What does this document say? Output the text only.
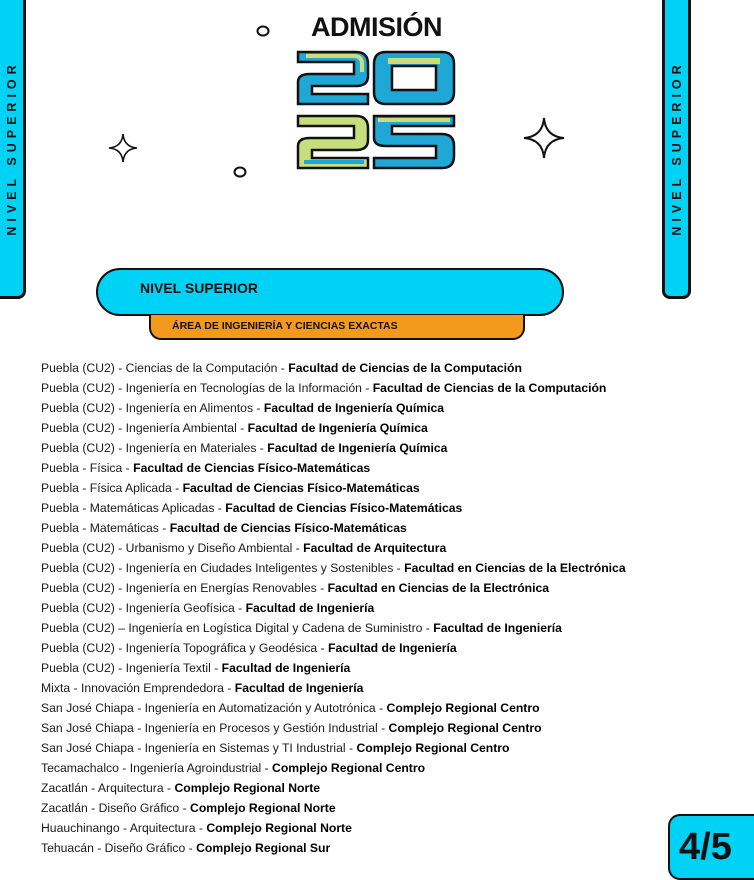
NIVEL SUPERIOR	NIVEL SUPERIOR
ADMISIÓN
NIVEL SUPERIOR
ÁREA DE INGENIERÍA Y CIENCIAS EXACTAS
Puebla (CU2) - Ciencias de la Computación - Facultad de Ciencias de la Computación
Puebla (CU2) - Ingeniería en Tecnologías de la Información - Facultad de Ciencias de la Computación
Puebla (CU2) - Ingeniería en Alimentos - Facultad de Ingeniería Química
Puebla (CU2) - Ingeniería Ambiental - Facultad de Ingeniería Química
Puebla (CU2) - Ingeniería en Materiales - Facultad de Ingeniería Química
Puebla - Física - Facultad de Ciencias Físico-Matemáticas
Puebla - Física Aplicada - Facultad de Ciencias Físico-Matemáticas
Puebla - Matemáticas Aplicadas - Facultad de Ciencias Físico-Matemáticas
Puebla - Matemáticas - Facultad de Ciencias Físico-Matemáticas
Puebla (CU2) - Urbanismo y Diseño Ambiental - Facultad de Arquitectura
Puebla (CU2) - Ingeniería en Ciudades Inteligentes y Sostenibles - Facultad en Ciencias de la Electrónica
Puebla (CU2) - Ingeniería en Energías Renovables - Facultad en Ciencias de la Electrónica
Puebla (CU2) - Ingeniería Geofísica - Facultad de Ingeniería
Puebla (CU2) – Ingeniería en Logística Digital y Cadena de Suministro - Facultad de Ingeniería
Puebla (CU2) - Ingeniería Topográfica y Geodésica - Facultad de Ingeniería
Puebla (CU2) - Ingeniería Textil - Facultad de Ingeniería
Mixta - Innovación Emprendedora - Facultad de Ingeniería
San José Chiapa - Ingeniería en Automatización y Autotrónica - Complejo Regional Centro
San José Chiapa - Ingeniería en Procesos y Gestión Industrial - Complejo Regional Centro
San José Chiapa - Ingeniería en Sistemas y TI Industrial - Complejo Regional Centro
Tecamachalco - Ingeniería Agroindustrial - Complejo Regional Centro
Zacatlán - Arquitectura - Complejo Regional Norte
Zacatlán - Diseño Gráfico - Complejo Regional Norte
Huauchinango - Arquitectura - Complejo Regional Norte
Tehuacán - Diseño Gráfico - Complejo Regional Sur	4/5
